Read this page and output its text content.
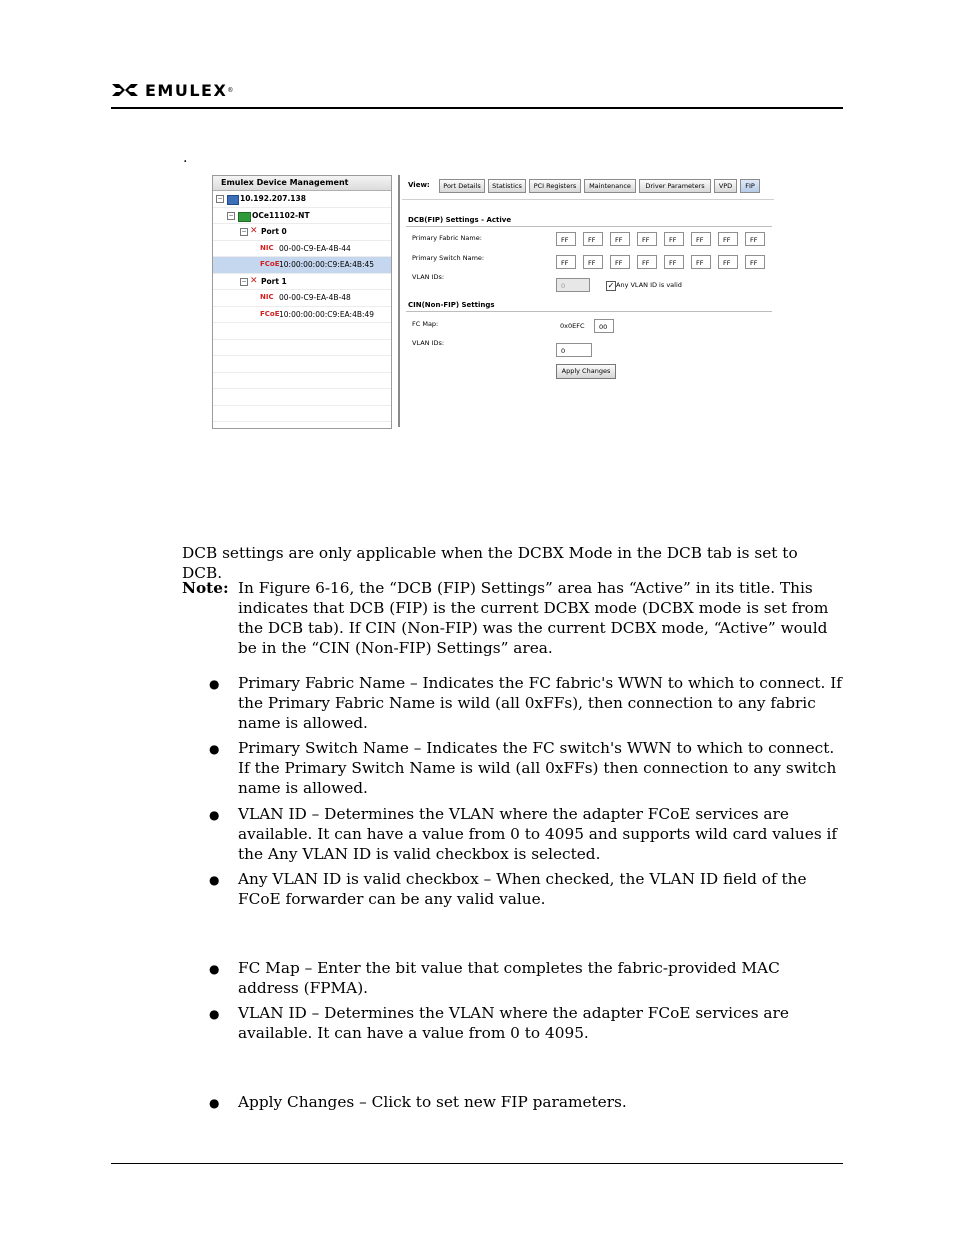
EMULEX ®
.
Emulex Device Management
− 10.192.207.138
− OCe11102-NT
− ✕ Port 0
NIC 00-00-C9-EA-4B-44
FCoE 10:00:00:00:C9:EA:4B:45
− ✕ Port 1
NIC 00-00-C9-EA-4B-48
FCoE 10:00:00:00:C9:EA:4B:49
View:	Port Details	Statistics	PCI Registers	Maintenance	Driver Parameters	VPD	FIP
DCB(FIP) Settings - Active
Primary Fabric Name:	FF	FF	FF	FF	FF	FF	FF	FF
Primary Switch Name:
FF	FF	FF	FF	FF	FF	FF	FF
VLAN IDs:
0	✓ Any VLAN ID is valid
CIN(Non-FIP) Settings
FC Map:	0x0EFC	00
VLAN IDs:
0
Apply Changes
DCB settings are only applicable when the DCBX Mode in the DCB tab is set to DCB.
Note: In Figure 6-16, the “DCB (FIP) Settings” area has “Active” in its title. This indicates that DCB (FIP) is the current DCBX mode (DCBX mode is set from the DCB tab). If CIN (Non-FIP) was the current DCBX mode, “Active” would be in the “CIN (Non-FIP) Settings” area.
● Primary Fabric Name – Indicates the FC fabric's WWN to which to connect. If the Primary Fabric Name is wild (all 0xFFs), then connection to any fabric name is allowed.
● Primary Switch Name – Indicates the FC switch's WWN to which to connect. If the Primary Switch Name is wild (all 0xFFs) then connection to any switch name is allowed.
● VLAN ID – Determines the VLAN where the adapter FCoE services are available. It can have a value from 0 to 4095 and supports wild card values if the Any VLAN ID is valid checkbox is selected.
● Any VLAN ID is valid checkbox – When checked, the VLAN ID field of the FCoE forwarder can be any valid value.
● FC Map – Enter the bit value that completes the fabric-provided MAC address (FPMA).
● VLAN ID – Determines the VLAN where the adapter FCoE services are available. It can have a value from 0 to 4095.
● Apply Changes – Click to set new FIP parameters.
